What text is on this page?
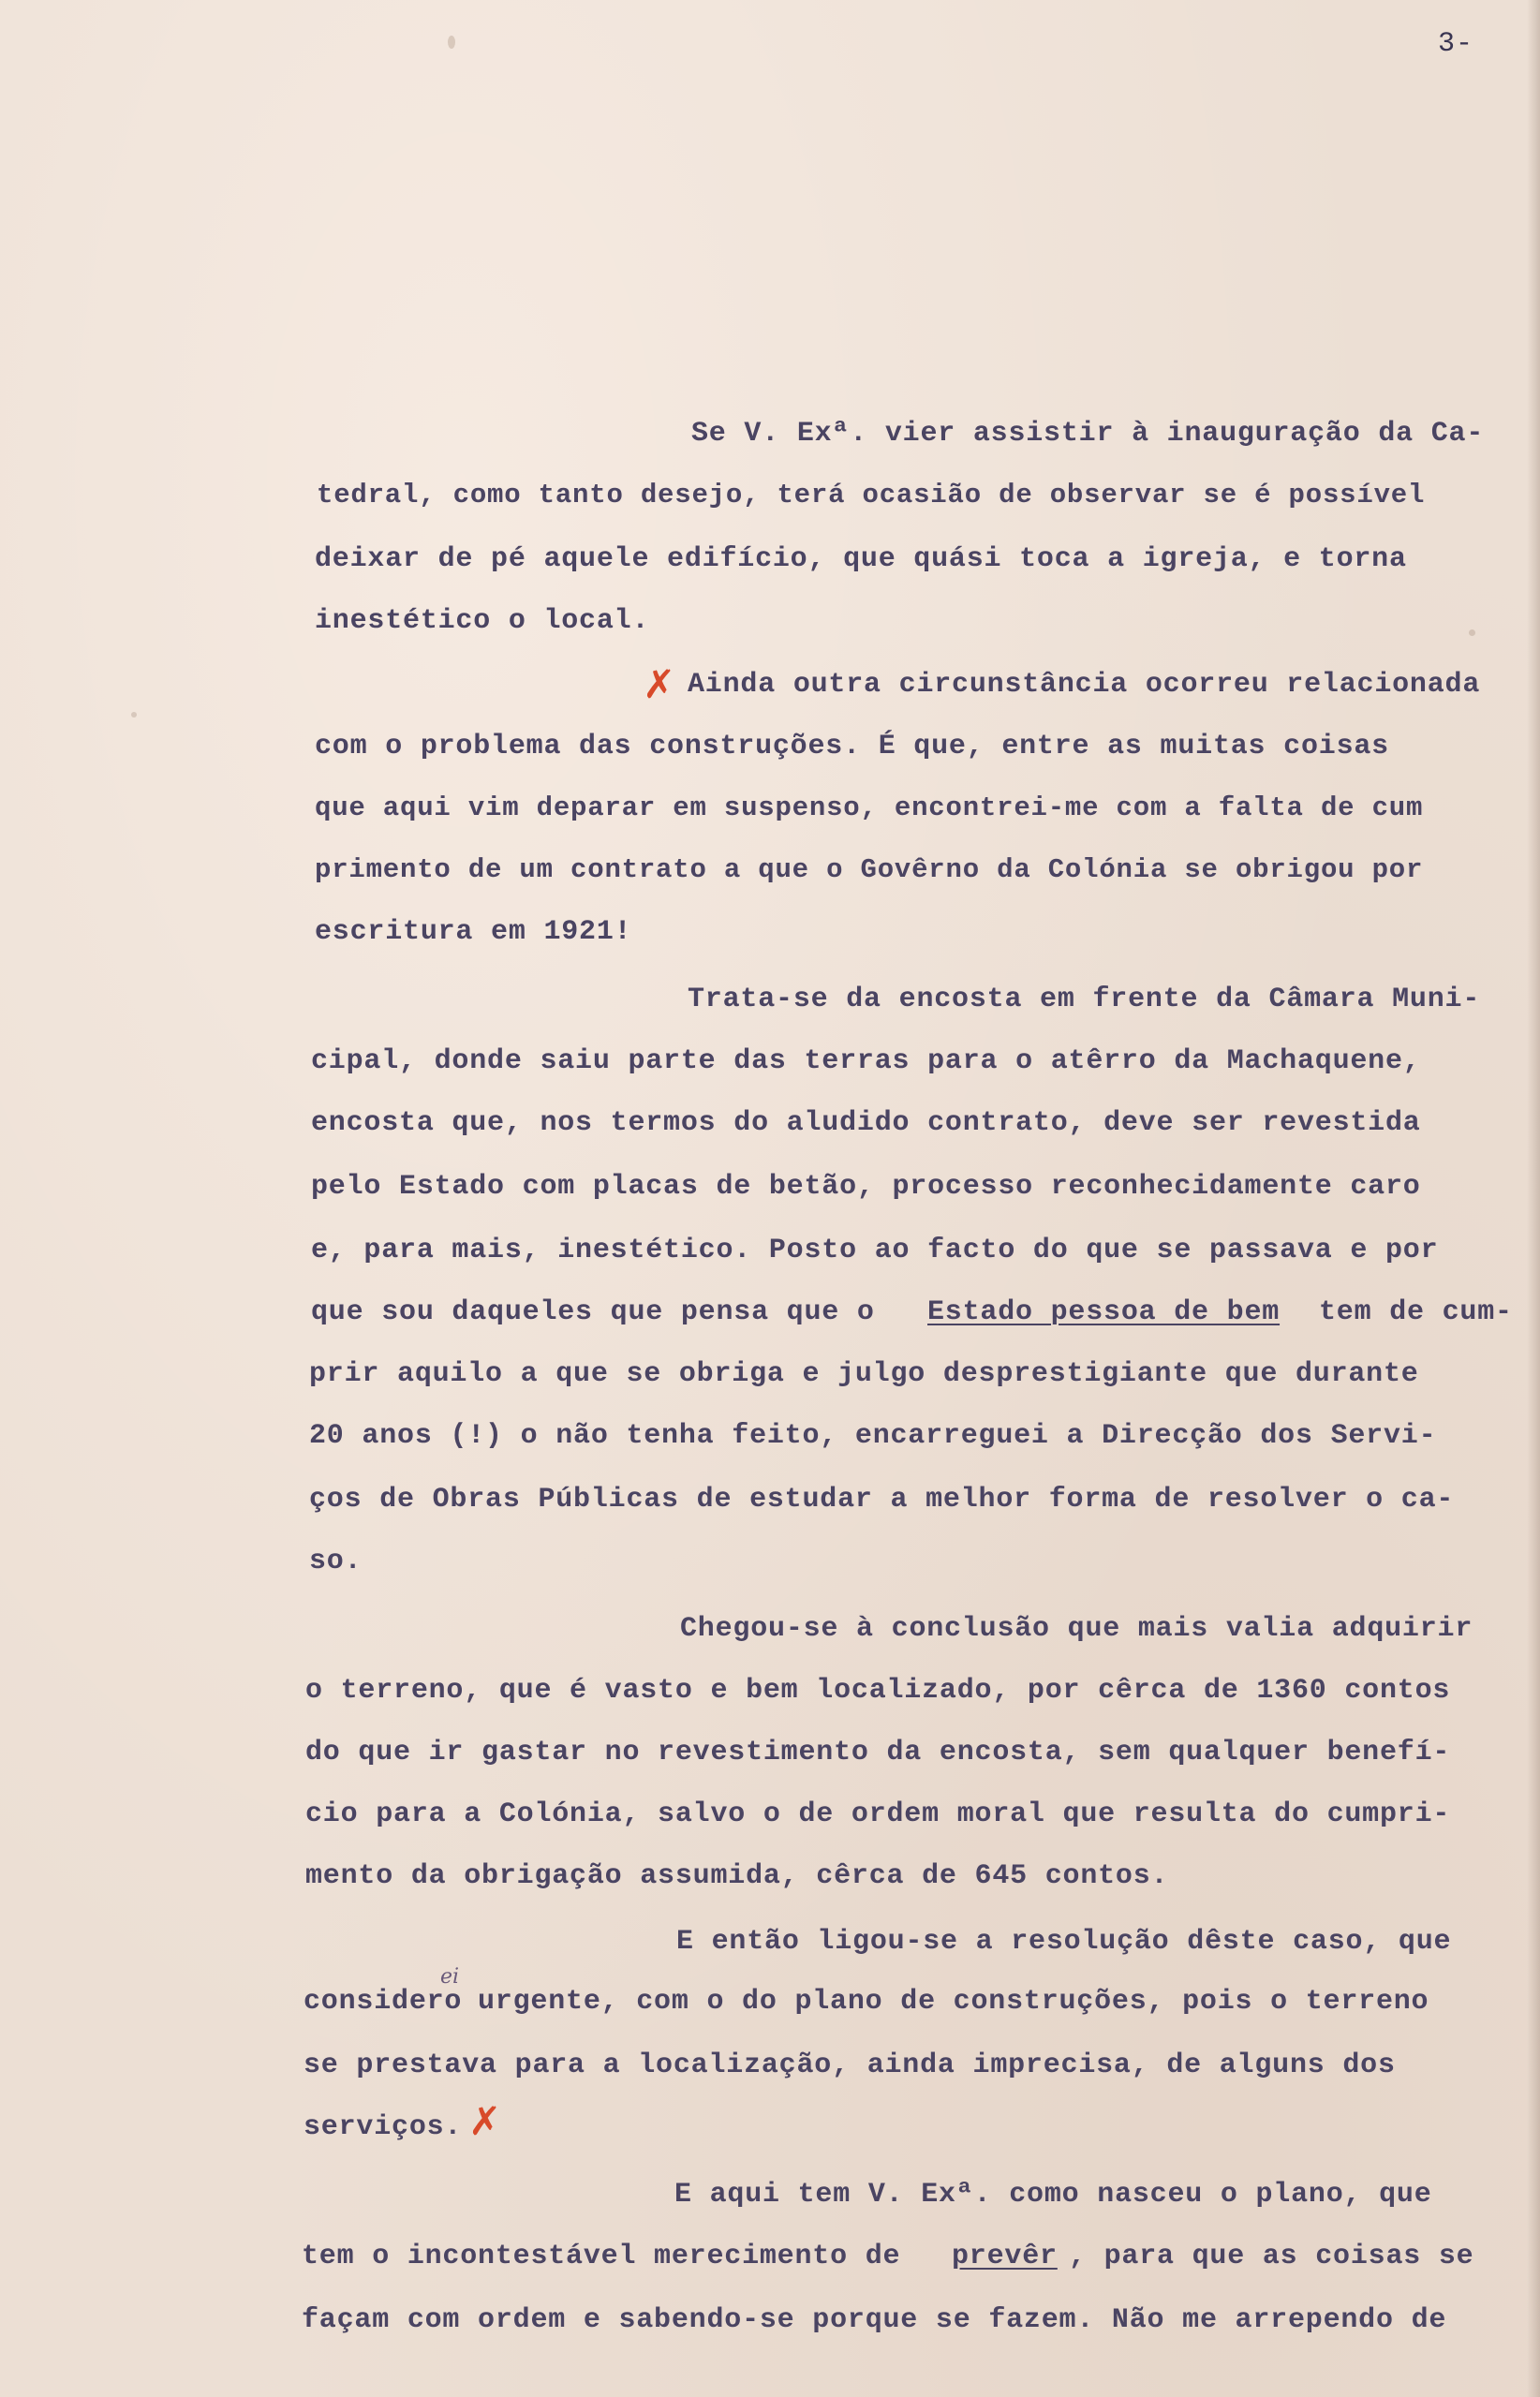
3-
Se V. Exª. vier assistir à inauguração da Ca-
tedral, como tanto desejo, terá ocasião de observar se é possível
deixar de pé aquele edifício, que quási toca a igreja, e torna
inestético o local.
✗ Ainda outra circunstância ocorreu relacionada
com o problema das construções. É que, entre as muitas coisas
que aqui vim deparar em suspenso, encontrei-me com a falta de cum
primento de um contrato a que o Govêrno da Colónia se obrigou por
escritura em 1921!
Trata-se da encosta em frente da Câmara Muni-
cipal, donde saiu parte das terras para o atêrro da Machaquene,
encosta que, nos termos do aludido contrato, deve ser revestida
pelo Estado com placas de betão, processo reconhecidamente caro
e, para mais, inestético. Posto ao facto do que se passava e por
que sou daqueles que pensa que o Estado pessoa de bem tem de cum-
prir aquilo a que se obriga e julgo desprestigiante que durante
20 anos (!) o não tenha feito, encarreguei a Direcção dos Servi-
ços de Obras Públicas de estudar a melhor forma de resolver o ca-
so.
Chegou-se à conclusão que mais valia adquirir
o terreno, que é vasto e bem localizado, por cêrca de 1360 contos
do que ir gastar no revestimento da encosta, sem qualquer benefí-
cio para a Colónia, salvo o de ordem moral que resulta do cumpri-
mento da obrigação assumida, cêrca de 645 contos.
E então ligou-se a resolução dêste caso, que
considero
ei
urgente, com o do plano de construções, pois o terreno
se prestava para a localização, ainda imprecisa, de alguns dos
serviços. ✗
E aqui tem V. Exª. como nasceu o plano, que
tem o incontestável merecimento de prevêr , para que as coisas se
façam com ordem e sabendo-se porque se fazem. Não me arrependo de
